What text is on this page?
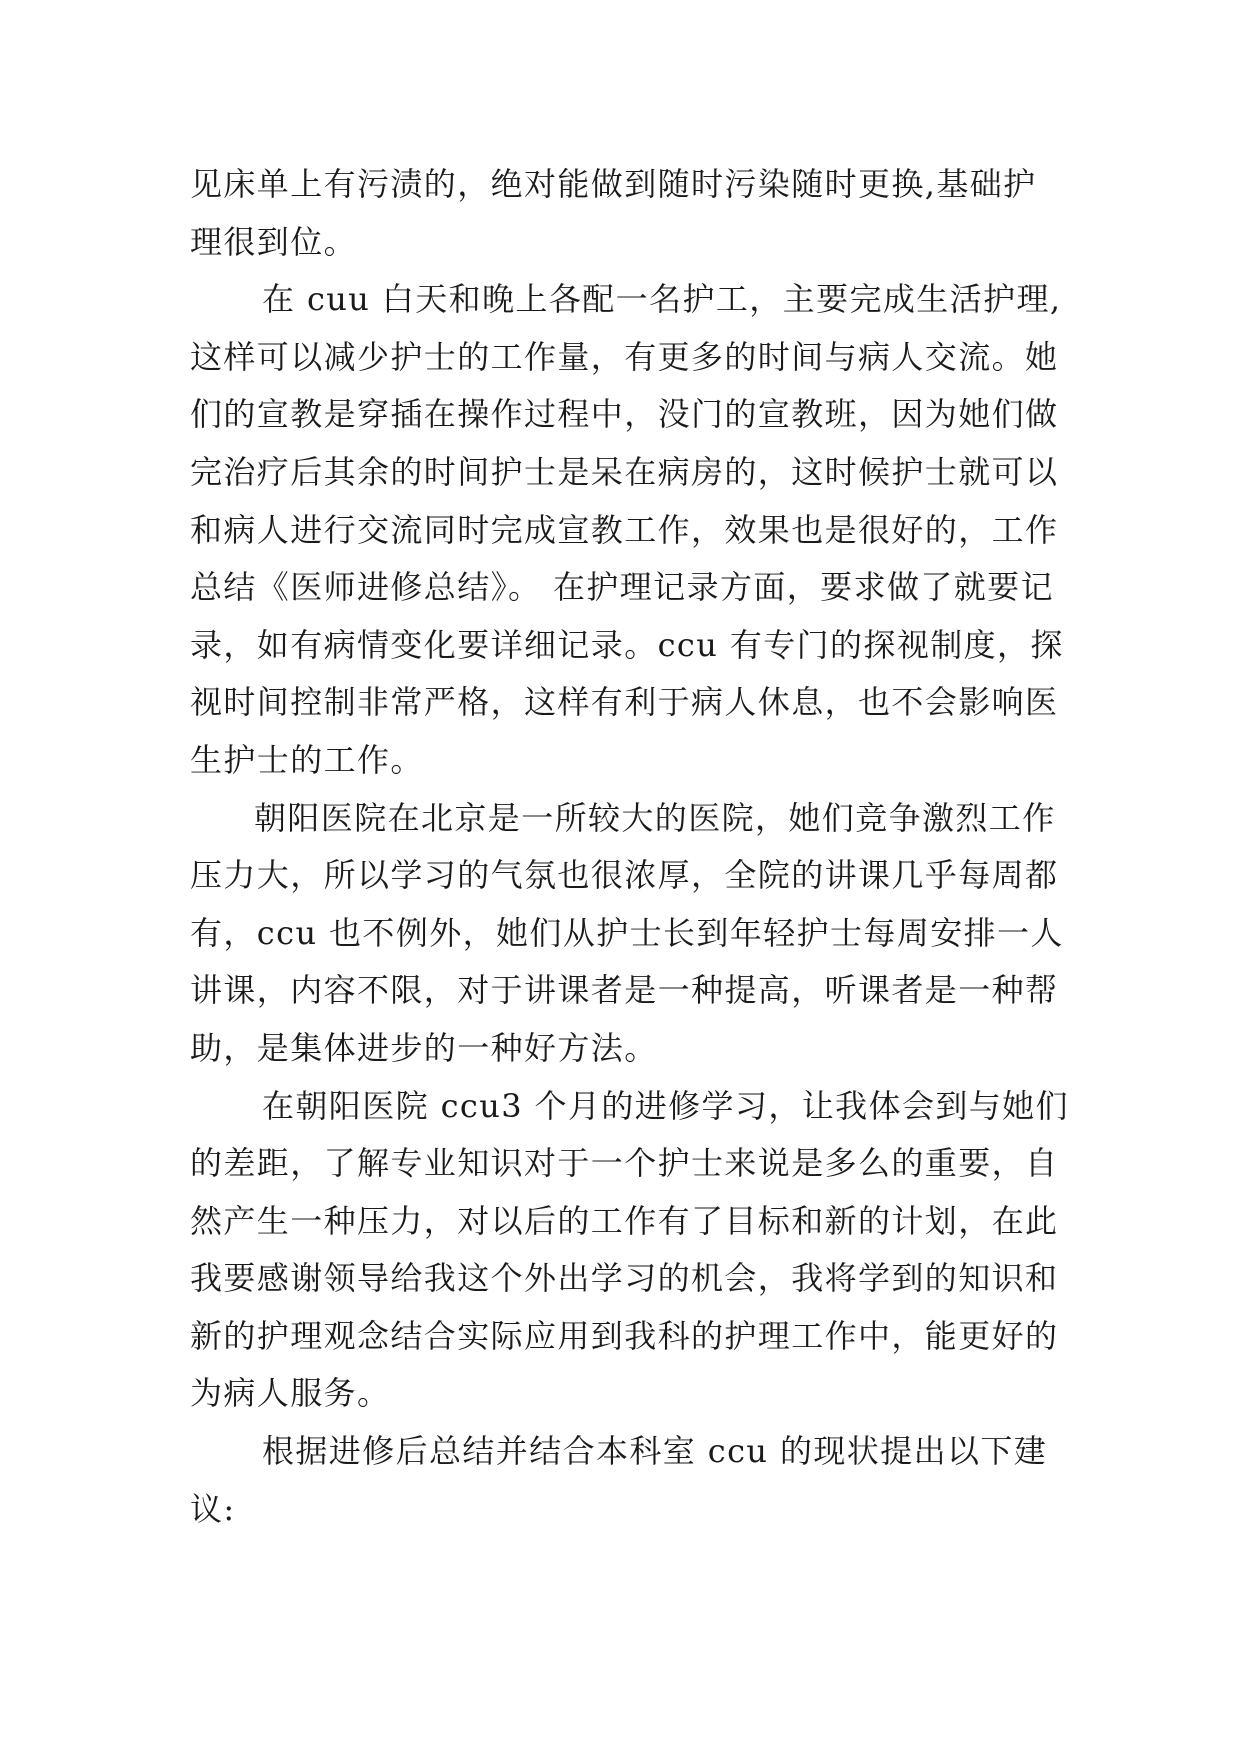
见床单上有污渍的，绝对能做到随时污染随时更换,基础护
理很到位。
在 cuu 白天和晚上各配一名护工，主要完成生活护理,
这样可以减少护士的工作量，有更多的时间与病人交流。她
们的宣教是穿插在操作过程中，没门的宣教班，因为她们做
完治疗后其余的时间护士是呆在病房的，这时候护士就可以
和病人进行交流同时完成宣教工作，效果也是很好的，工作
总结《医师进修总结》。 在护理记录方面，要求做了就要记
录，如有病情变化要详细记录。ccu 有专门的探视制度，探
视时间控制非常严格，这样有利于病人休息，也不会影响医
生护士的工作。
朝阳医院在北京是一所较大的医院，她们竞争激烈工作
压力大，所以学习的气氛也很浓厚，全院的讲课几乎每周都
有，ccu 也不例外，她们从护士长到年轻护士每周安排一人
讲课，内容不限，对于讲课者是一种提高，听课者是一种帮
助，是集体进步的一种好方法。
在朝阳医院 ccu3 个月的进修学习，让我体会到与她们
的差距，了解专业知识对于一个护士来说是多么的重要，自
然产生一种压力，对以后的工作有了目标和新的计划，在此
我要感谢领导给我这个外出学习的机会，我将学到的知识和
新的护理观念结合实际应用到我科的护理工作中，能更好的
为病人服务。
根据进修后总结并结合本科室 ccu 的现状提出以下建
议:
